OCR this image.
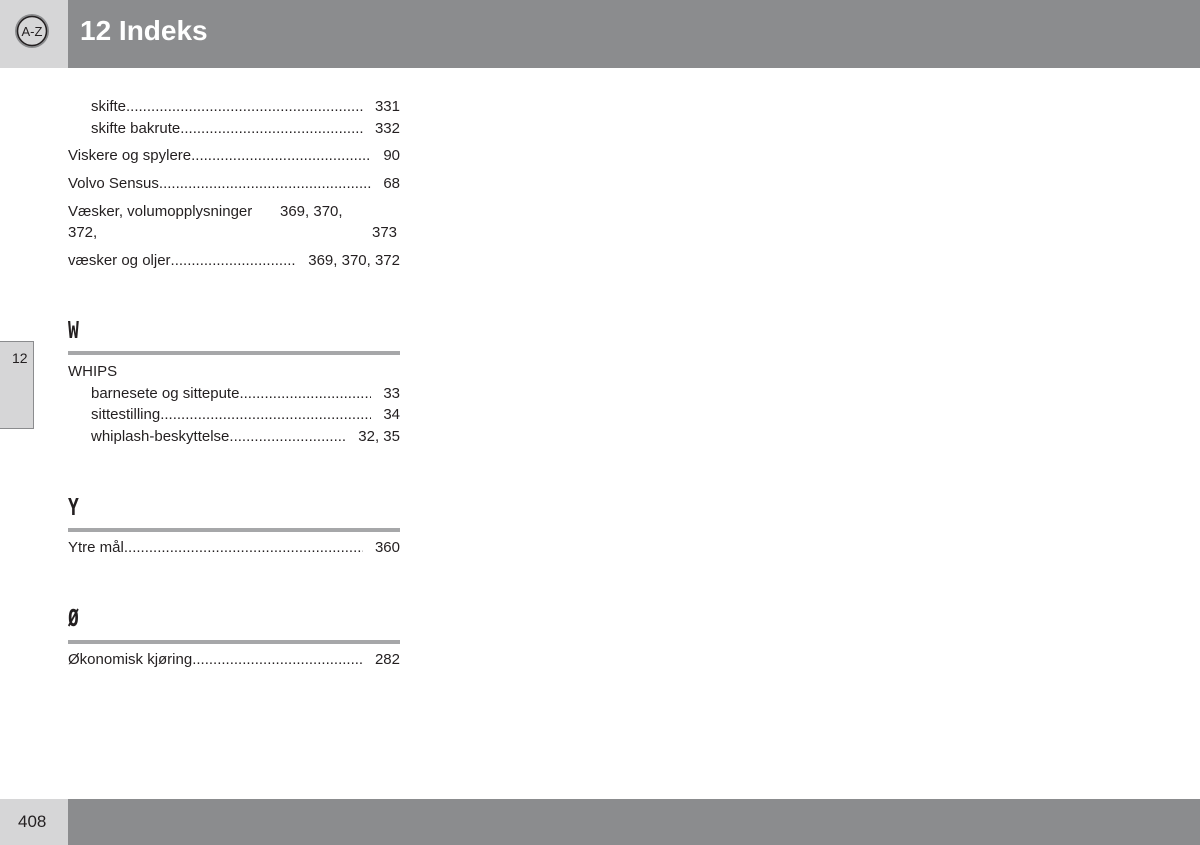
A-Z 12 Indeks
12
skifte .....	331
skifte bakrute .....	332
Viskere og spylere .....	90
Volvo Sensus .....	68
Væsker, volumopplysninger 369, 370,
372,	373
væsker og oljer .....	369, 370, 372
W
WHIPS
barnesete og sittepute .....	33
sittestilling .....	34
whiplash-beskyttelse .....	32, 35
Y
Ytre mål .....	360
Ø
Økonomisk kjøring .....	282
408
